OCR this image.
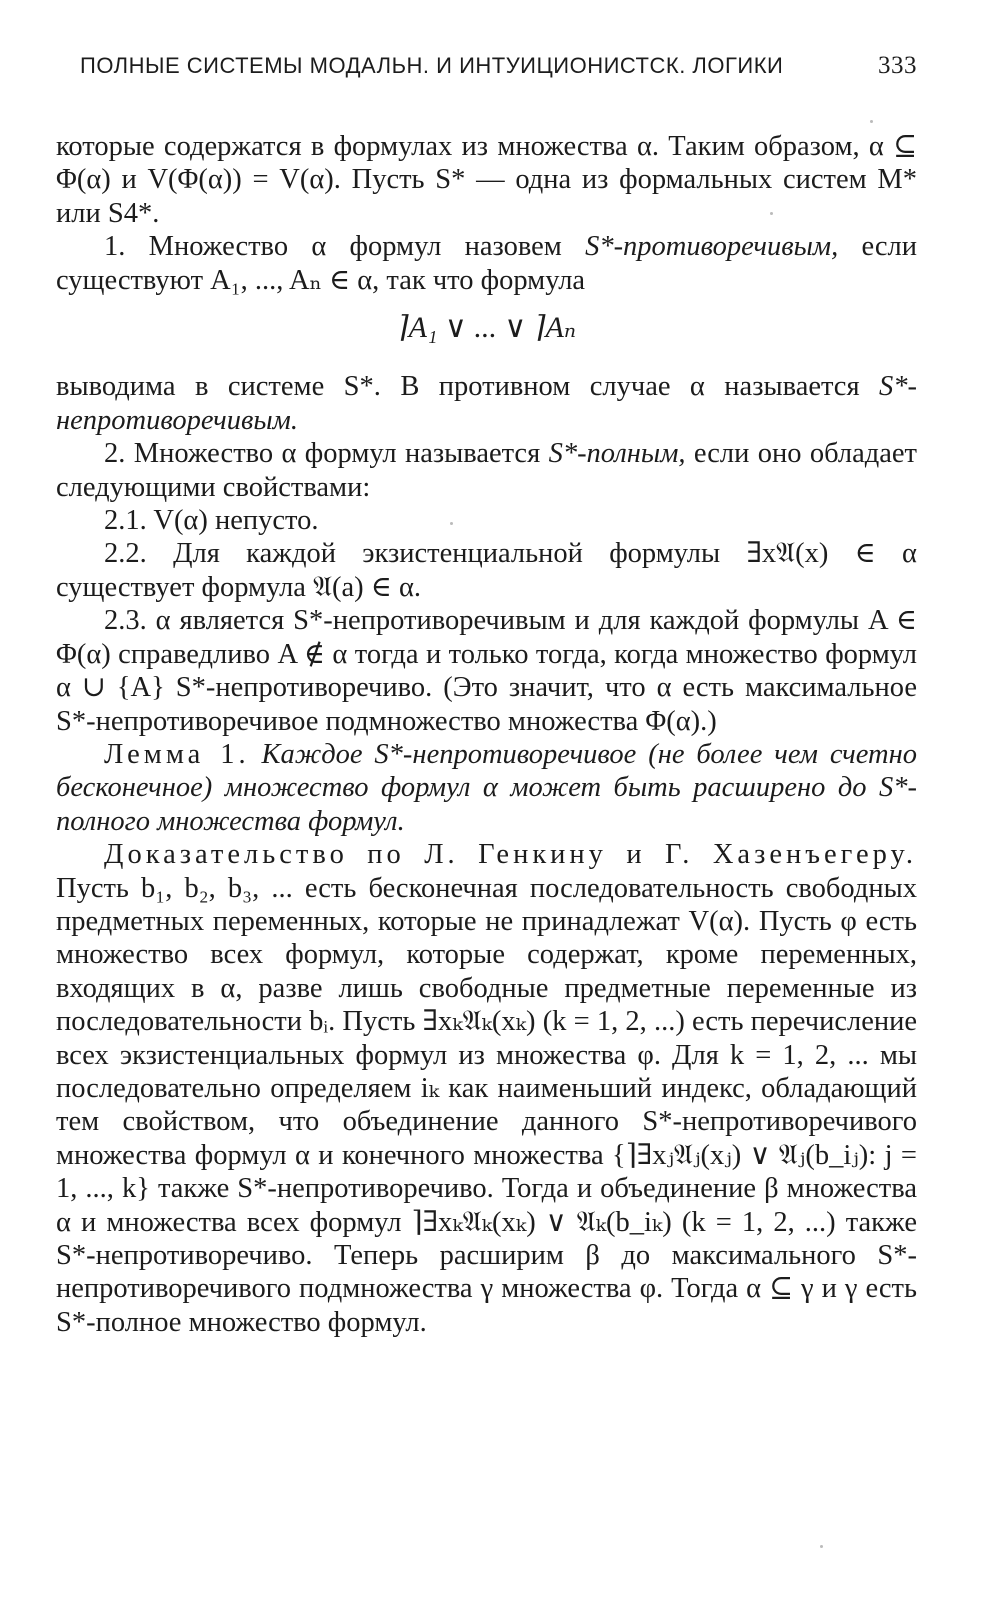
ПОЛНЫЕ СИСТЕМЫ МОДАЛЬН. И ИНТУИЦИОНИСТСК. ЛОГИКИ	333

которые содержатся в формулах из множества α. Таким образом, α ⊆ Φ(α) и V(Φ(α)) = V(α). Пусть S* — одна из формальных систем M* или S4*.

1. Множество α формул назовем S*-противоречивым, если существуют A₁, ..., Aₙ ∈ α, так что формула

⌉A₁ ∨ ... ∨ ⌉Aₙ

выводима в системе S*. В противном случае α называется S*-непротиворечивым.

2. Множество α формул называется S*-полным, если оно обладает следующими свойствами:

2.1. V(α) непусто.

2.2. Для каждой экзистенциальной формулы ∃x𝔄(x) ∈ α существует формула 𝔄(a) ∈ α.

2.3. α является S*-непротиворечивым и для каждой формулы A ∈ Φ(α) справедливо A ∉ α тогда и только тогда, когда множество формул α ∪ {A} S*-непротиворечиво. (Это значит, что α есть максимальное S*-непротиворечивое подмножество множества Φ(α).)

Лемма 1. Каждое S*-непротиворечивое (не более чем счетно бесконечное) множество формул α может быть расширено до S*-полного множества формул.

Доказательство по Л. Генкину и Г. Хазенъегеру. Пусть b₁, b₂, b₃, ... есть бесконечная последовательность свободных предметных переменных, которые не принадлежат V(α). Пусть φ есть множество всех формул, которые содержат, кроме переменных, входящих в α, разве лишь свободные предметные переменные из последовательности bᵢ. Пусть ∃xₖ𝔄ₖ(xₖ) (k = 1, 2, ...) есть перечисление всех экзистенциальных формул из множества φ. Для k = 1, 2, ... мы последовательно определяем iₖ как наименьший индекс, обладающий тем свойством, что объединение данного S*-непротиворечивого множества формул α и конечного множества {⌉∃xⱼ𝔄ⱼ(xⱼ) ∨ 𝔄ⱼ(b_iⱼ): j = 1, ..., k} также S*-непротиворечиво. Тогда и объединение β множества α и множества всех формул ⌉∃xₖ𝔄ₖ(xₖ) ∨ 𝔄ₖ(b_iₖ) (k = 1, 2, ...) также S*-непротиворечиво. Теперь расширим β до максимального S*-непротиворечивого подмножества γ множества φ. Тогда α ⊆ γ и γ есть S*-полное множество формул.
